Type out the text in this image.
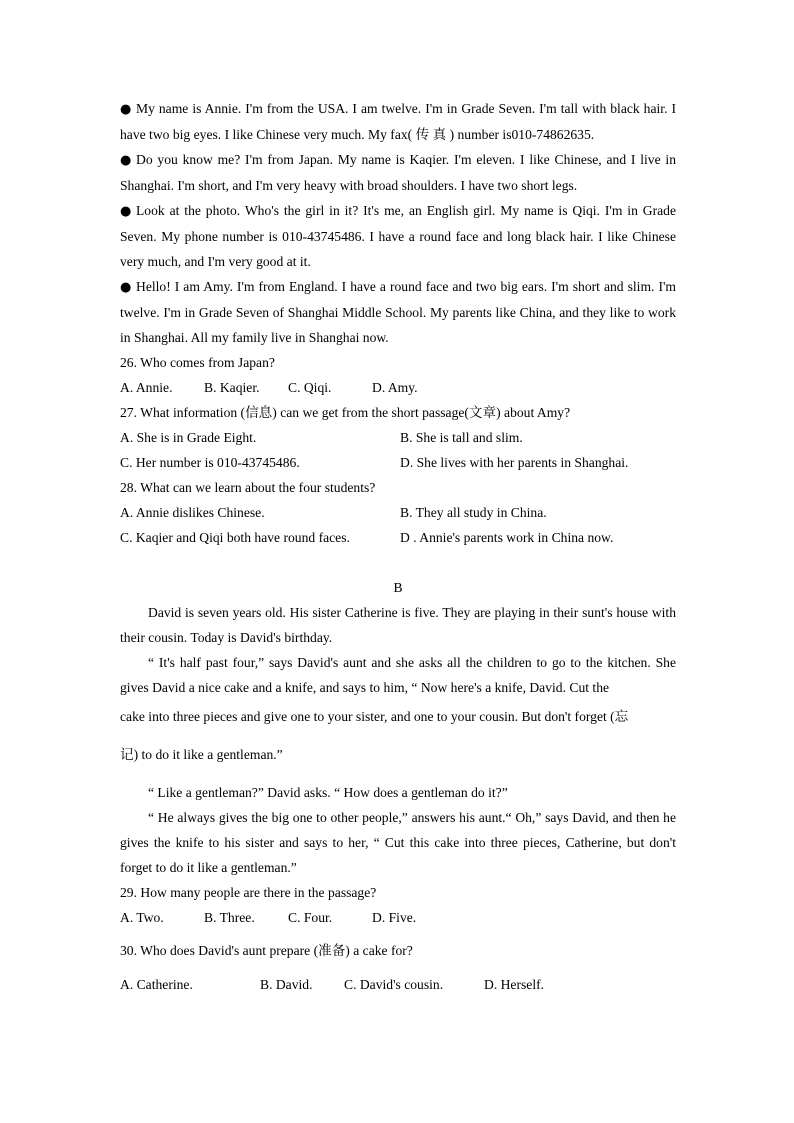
● My name is Annie. I'm from the USA. I am twelve. I'm in Grade Seven. I'm tall with black hair. I have two big eyes. I like Chinese very much. My fax( 传 真 ) number is010-74862635.

● Do you know me? I'm from Japan. My name is Kaqier. I'm eleven. I like Chinese, and I live in Shanghai. I'm short, and I'm very heavy with broad shoulders. I have two short legs.

● Look at the photo. Who's the girl in it? It's me, an English girl. My name is Qiqi. I'm in Grade Seven. My phone number is 010-43745486. I have a round face and long black hair. I like Chinese very much, and I'm very good at it.

● Hello! I am Amy. I'm from England. I have a round face and two big ears. I'm short and slim. I'm twelve. I'm in Grade Seven of Shanghai Middle School. My parents like China, and they like to work in Shanghai. All my family live in Shanghai now.

26. Who comes from Japan?

A. Annie.	B. Kaqier.	C. Qiqi.	D. Amy.

27. What information (信息) can we get from the short passage(文章) about Amy?

A. She is in Grade Eight.	B. She is tall and slim.
C. Her number is 010-43745486.	D. She lives with her parents in Shanghai.

28. What can we learn about the four students?

A. Annie dislikes Chinese.	B. They all study in China.
C. Kaqier and Qiqi both have round faces.	D . Annie's parents work in China now.

B

David is seven years old. His sister Catherine is five. They are playing in their sunt's house with their cousin. Today is David's birthday.

“ It's half past four,” says David's aunt and she asks all the children to go to the kitchen. She gives David a nice cake and a knife, and says to him, “ Now here's a knife, David. Cut the

cake into three pieces and give one to your sister, and one to your cousin. But don't forget (忘

记) to do it like a gentleman.”

“ Like a gentleman?” David asks. “ How does a gentleman do it?”

“ He always gives the big one to other people,” answers his aunt.“ Oh,” says David, and then he gives the knife to his sister and says to her, “ Cut this cake into three pieces, Catherine, but don't forget to do it like a gentleman.”

29. How many people are there in the passage?

A. Two.	B. Three.	C. Four.	D. Five.

30. Who does David's aunt prepare (准备) a cake for?

A. Catherine.	B. David.	C. David's cousin.	D. Herself.
